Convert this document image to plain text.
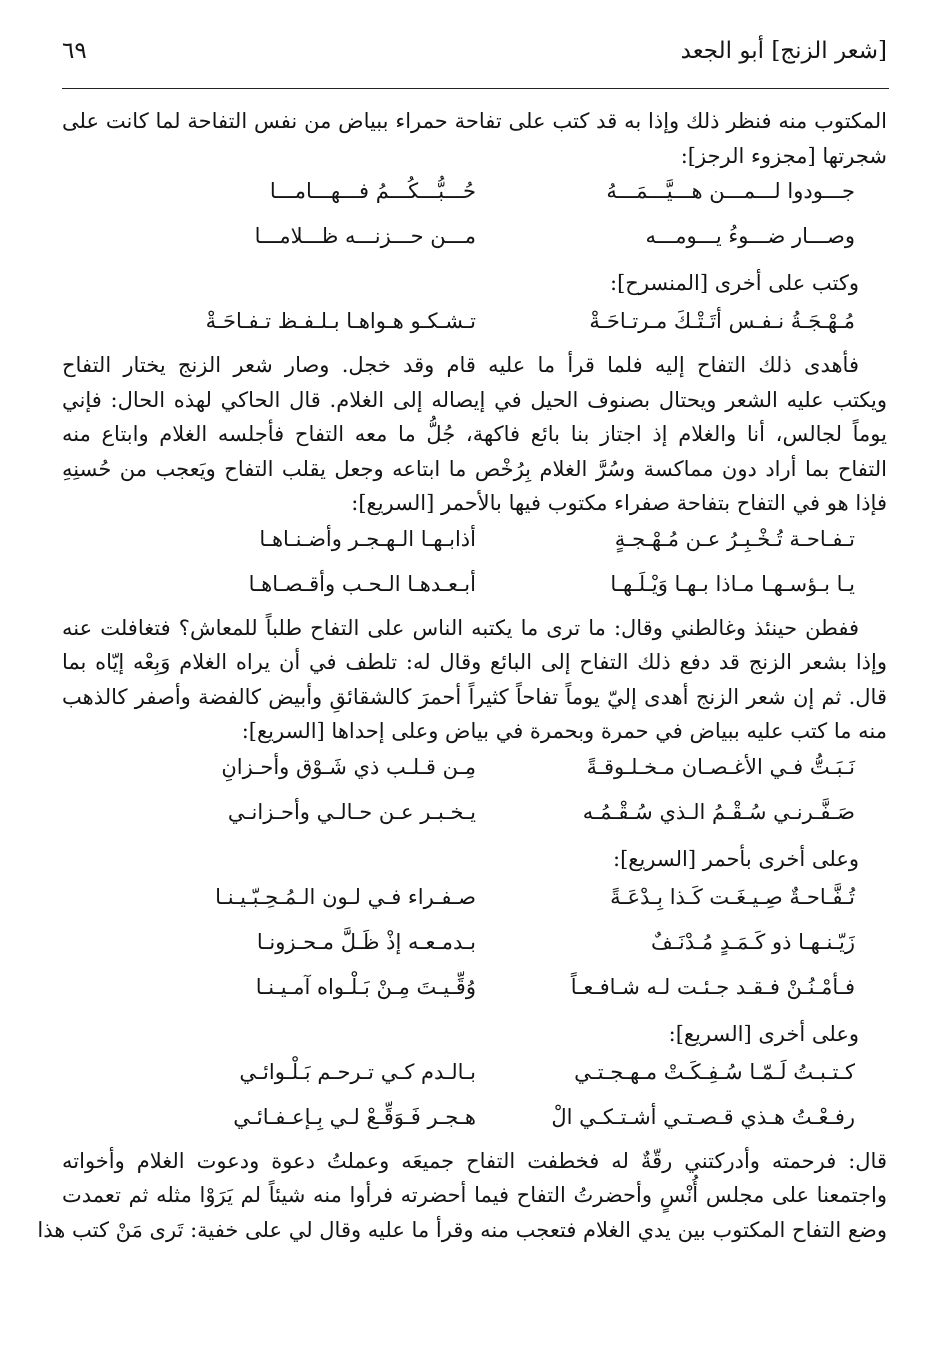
[شعر الزنج] أبو الجعد
٦٩
المكتوب منه فنظر ذلك وإذا به قد كتب على تفاحة حمراء ببياض من نفس التفاحة لما كانت على
شجرتها [مجزوء الرجز]:
جـــودوا لـــمـــن هـــيَّـــمَـــهُ
حُـــبُّـــكُـــمُ فـــهـــامـــا
وصـــار ضـــوءُ يـــومـــه
مـــن حـــزنـــه ظـــلامـــا

وكتب على أخرى [المنسرح]:

مُـهْـجَـةُ نـفـس أتَـتْـكَ مـرتـاحَـةْ
تـشـكـو هـواهـا بـلـفـظ تـفـاحَـةْ
فأهدى ذلك التفاح إليه فلما قرأ ما عليه قام وقد خجل. وصار شعر الزنج يختار التفاح
ويكتب عليه الشعر ويحتال بصنوف الحيل في إيصاله إلى الغلام. قال الحاكي لهذه الحال: فإني
يوماً لجالس، أنا والغلام إذ اجتاز بنا بائع فاكهة، جُلُّ ما معه التفاح فأجلسه الغلام وابتاع منه
التفاح بما أراد دون مماكسة وسُرَّ الغلام بِرُخْص ما ابتاعه وجعل يقلب التفاح ويَعجب من حُسنِهِ
فإذا هو في التفاح بتفاحة صفراء مكتوب فيها بالأحمر [السريع]:
تـفـاحـة تُـخْـبِـرُ عـن مُـهْـجـةٍ
أذابـهـا الـهـجـر وأضـنـاهـا
يـا بـؤسـهـا مـاذا بـهـا وَيْـلَـهـا
أبـعـدهـا الـحـب وأقـصـاهـا
ففطن حينئذ وغالطني وقال: ما ترى ما يكتبه الناس على التفاح طلباً للمعاش؟ فتغافلت عنه
وإذا بشعر الزنج قد دفع ذلك التفاح إلى البائع وقال له: تلطف في أن يراه الغلام وَبِعْه إيّاه بما
قال. ثم إن شعر الزنج أهدى إليّ يوماً تفاحاً كثيراً أحمرَ كالشقائقِ وأبيض كالفضة وأصفر كالذهب
منه ما كتب عليه ببياض في حمرة وبحمرة في بياض وعلى إحداها [السريع]:
نَـبَـتُّ فـي الأغـصـان مـخـلـوقـةً
مِـن قـلـب ذي شَـوْق وأحـزانِ
صَـفَّـرنـي سُـقْـمُ الـذي سُـقْـمُـه
يـخـبـر عـن حـالـي وأحـزانـي

وعلى أخرى بأحمر [السريع]:

تُـفَّـاحـةٌ صِـيـغَـت كَـذا بِـدْعَـةً
صـفـراء فـي لـون الـمُـحِـبّـيـنـا
زَيّـنـهـا ذو كَـمَـدٍ مُـدْنَـفٌ
بـدمـعـه إذْ ظَـلَّ مـحـزونـا
فـأمْـنُـنْ فـقـد جـئـت لـه شـافـعـاً
وُقِّـيـتَ مِـنْ بَـلْـواه آمـيـنـا

وعلى أخرى [السريع]:

كـتـبـتُ لَـمّـا سُـفِـكَـتْ مـهـجـتـي
بـالـدم كـي تـرحـم بَـلْـوائـي
رفـعْـتُ هـذي قـصـتـي أشـتـكـي الْ
هـجـر فَـوَقِّـعْ لـي بِـإعـفـائـي
قال: فرحمته وأدركتني رقّةٌ له فخطفت التفاح جميعَه وعملتُ دعوة ودعوت الغلام وأخواته
واجتمعنا على مجلس أُنْسٍ وأحضرتُ التفاح فيما أحضرته فرأوا منه شيئاً لم يَرَوْا مثله ثم تعمدت
وضع التفاح المكتوب بين يدي الغلام فتعجب منه وقرأ ما عليه وقال لي على خفية: تَرى مَنْ كتب هذا
